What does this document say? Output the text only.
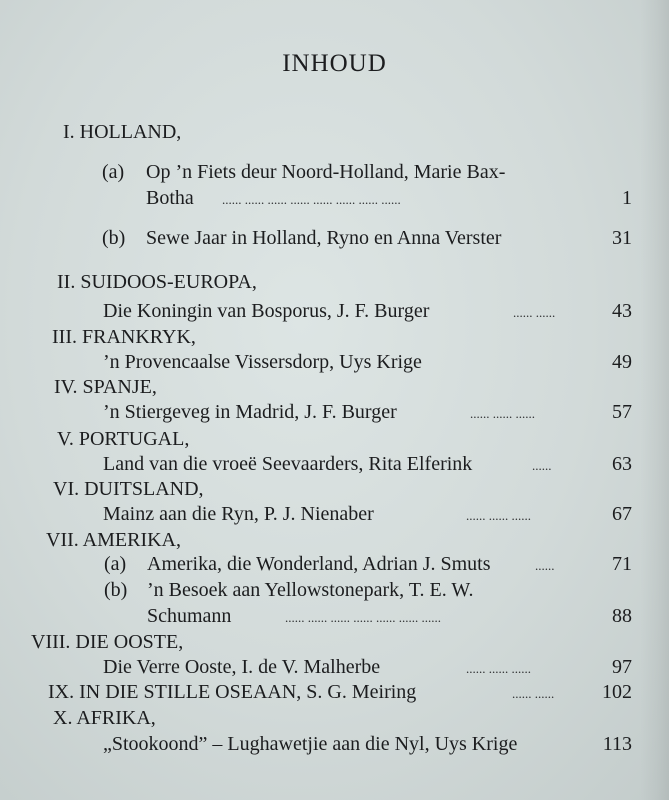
INHOUD
I. HOLLAND,
(a) Op ’n Fiets deur Noord-Holland, Marie Bax-
Botha ...... ...... ...... ...... ...... ...... ...... ......	1
(b) Sewe Jaar in Holland, Ryno en Anna Verster	31
II. SUIDOOS-EUROPA,
Die Koningin van Bosporus, J. F. Burger	...... ......	43
III. FRANKRYK,
’n Provencaalse Vissersdorp, Uys Krige	49
IV. SPANJE,
’n Stiergeveg in Madrid, J. F. Burger	...... ...... ......	57
V. PORTUGAL,
Land van die vroeë Seevaarders, Rita Elferink	......	63
VI. DUITSLAND,
Mainz aan die Ryn, P. J. Nienaber	...... ...... ......	67
VII. AMERIKA,
(a) Amerika, die Wonderland, Adrian J. Smuts	......	71
(b) ’n Besoek aan Yellowstonepark, T. E. W.
Schumann	...... ...... ...... ...... ...... ...... ......	88
VIII. DIE OOSTE,
Die Verre Ooste, I. de V. Malherbe	...... ...... ......	97
IX. IN DIE STILLE OSEAAN, S. G. Meiring	...... ......	102
X. AFRIKA,
„Stookoond” – Lughawetjie aan die Nyl, Uys Krige	113
